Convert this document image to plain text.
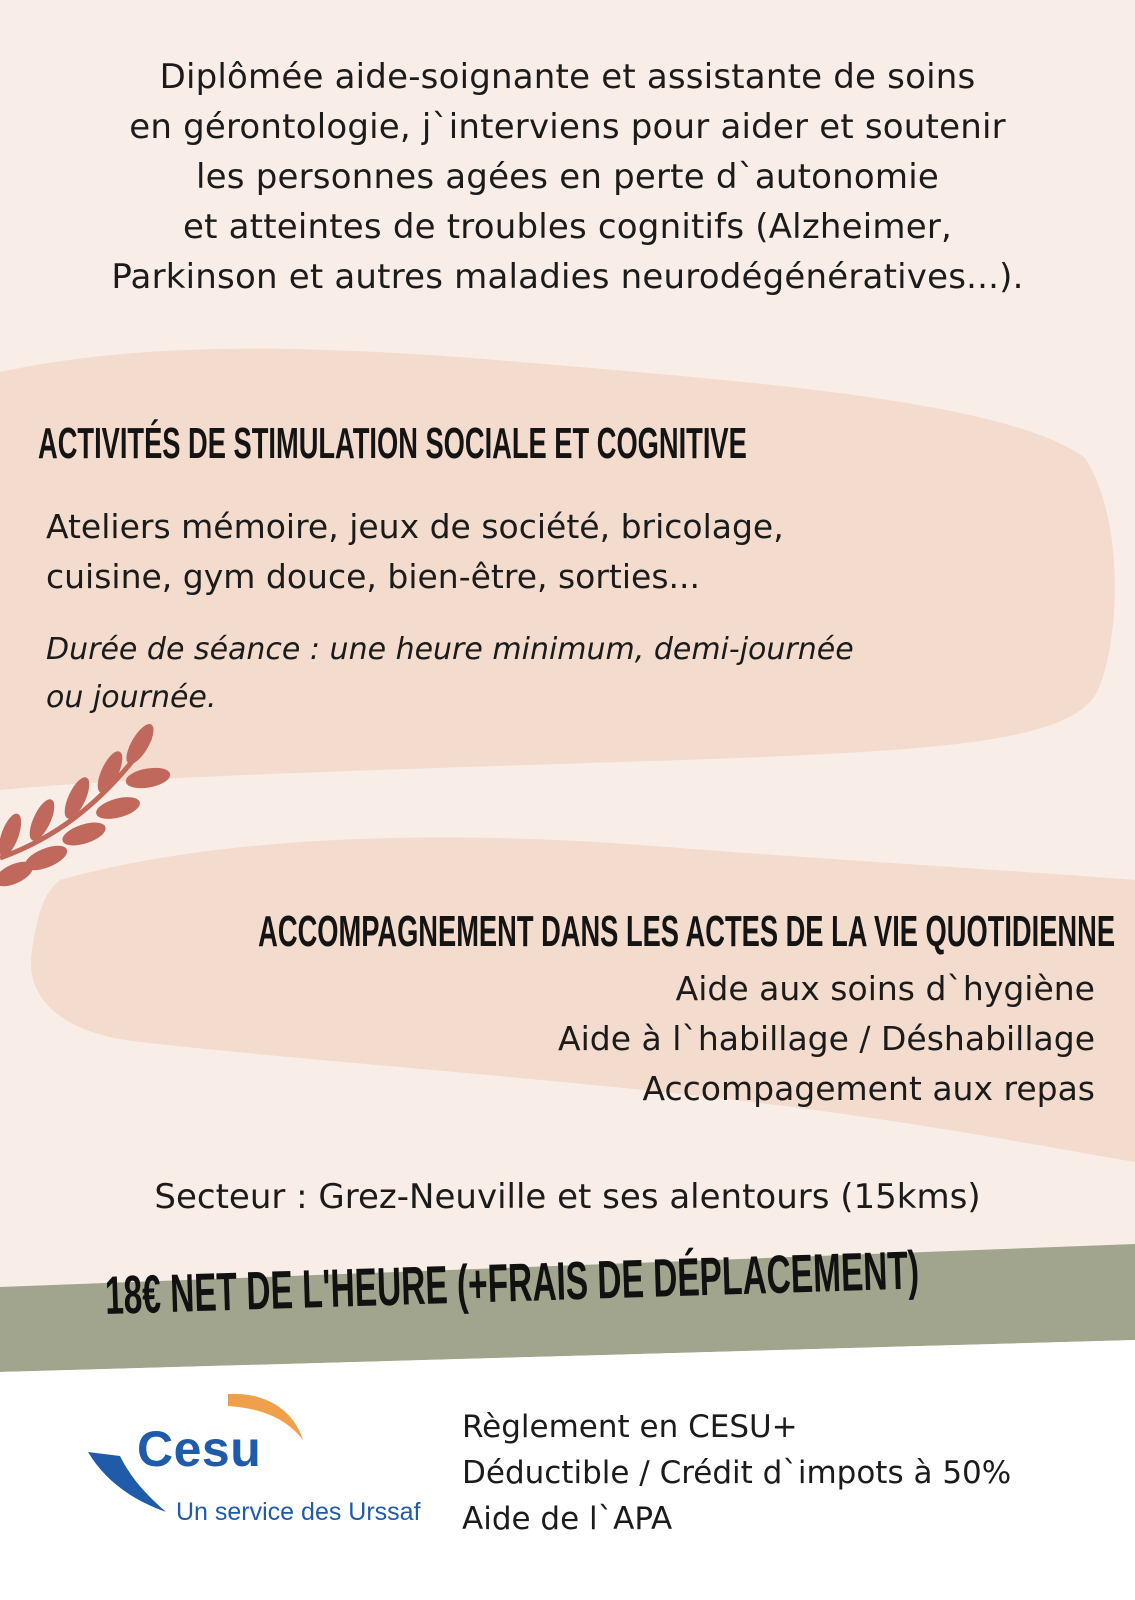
Diplômée aide-soignante et assistante de soins
en gérontologie, j`interviens pour aider et soutenir
les personnes agées en perte d`autonomie
et atteintes de troubles cognitifs (Alzheimer,
Parkinson et autres maladies neurodégénératives...).
ACTIVITÉS DE STIMULATION SOCIALE ET COGNITIVE
Ateliers mémoire, jeux de société, bricolage,
cuisine, gym douce, bien-être, sorties...
Durée de séance : une heure minimum, demi-journée
ou journée.
ACCOMPAGNEMENT DANS LES ACTES DE LA VIE QUOTIDIENNE
Aide aux soins d`hygiène
Aide à l`habillage / Déshabillage
Accompagement aux repas
Secteur : Grez-Neuville et ses alentours (15kms)
18€ NET DE L'HEURE (+FRAIS DE DÉPLACEMENT)
Cesu
Un service des Urssaf
Règlement en CESU+
Déductible / Crédit d`impots à 50%
Aide de l`APA
